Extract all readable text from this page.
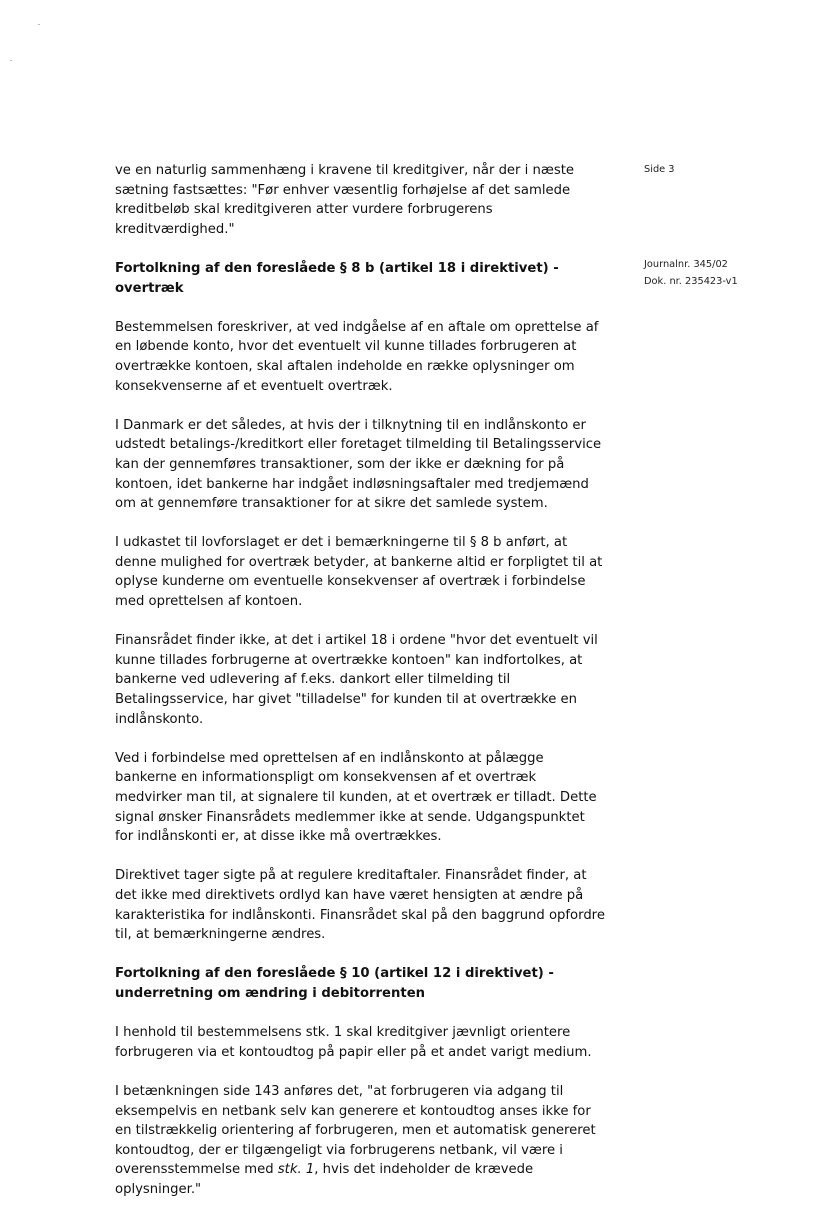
Side 3
Journalnr. 345/02
Dok. nr. 235423-v1

ve en naturlig sammenhæng i kravene til kreditgiver, når der i næste sætning fastsættes: "Før enhver væsentlig forhøjelse af det samlede kreditbeløb skal kreditgiveren atter vurdere forbrugerens kreditværdighed."

Fortolkning af den foreslåede § 8 b (artikel 18 i direktivet) - overtræk

Bestemmelsen foreskriver, at ved indgåelse af en aftale om oprettelse af en løbende konto, hvor det eventuelt vil kunne tillades forbrugeren at overtrække kontoen, skal aftalen indeholde en række oplysninger om konsekvenserne af et eventuelt overtræk.

I Danmark er det således, at hvis der i tilknytning til en indlånskonto er udstedt betalings-/kreditkort eller foretaget tilmelding til Betalingsservice kan der gennemføres transaktioner, som der ikke er dækning for på kontoen, idet bankerne har indgået indløsningsaftaler med tredjemænd om at gennemføre transaktioner for at sikre det samlede system.

I udkastet til lovforslaget er det i bemærkningerne til § 8 b anført, at denne mulighed for overtræk betyder, at bankerne altid er forpligtet til at oplyse kunderne om eventuelle konsekvenser af overtræk i forbindelse med oprettelsen af kontoen.

Finansrådet finder ikke, at det i artikel 18 i ordene "hvor det eventuelt vil kunne tillades forbrugerne at overtrække kontoen" kan indfortolkes, at bankerne ved udlevering af f.eks. dankort eller tilmelding til Betalingsservice, har givet "tilladelse" for kunden til at overtrække en indlånskonto.

Ved i forbindelse med oprettelsen af en indlånskonto at pålægge bankerne en informationspligt om konsekvensen af et overtræk medvirker man til, at signalere til kunden, at et overtræk er tilladt. Dette signal ønsker Finansrådets medlemmer ikke at sende. Udgangspunktet for indlånskonti er, at disse ikke må overtrækkes.

Direktivet tager sigte på at regulere kreditaftaler. Finansrådet finder, at det ikke med direktivets ordlyd kan have været hensigten at ændre på karakteristika for indlånskonti. Finansrådet skal på den baggrund opfordre til, at bemærkningerne ændres.

Fortolkning af den foreslåede § 10 (artikel 12 i direktivet) - underretning om ændring i debitorrenten

I henhold til bestemmelsens stk. 1 skal kreditgiver jævnligt orientere forbrugeren via et kontoudtog på papir eller på et andet varigt medium.

I betænkningen side 143 anføres det, "at forbrugeren via adgang til eksempelvis en netbank selv kan generere et kontoudtog anses ikke for en tilstrækkelig orientering af forbrugeren, men et automatisk genereret kontoudtog, der er tilgængeligt via forbrugerens netbank, vil være i overensstemmelse med stk. 1, hvis det indeholder de krævede oplysninger."
